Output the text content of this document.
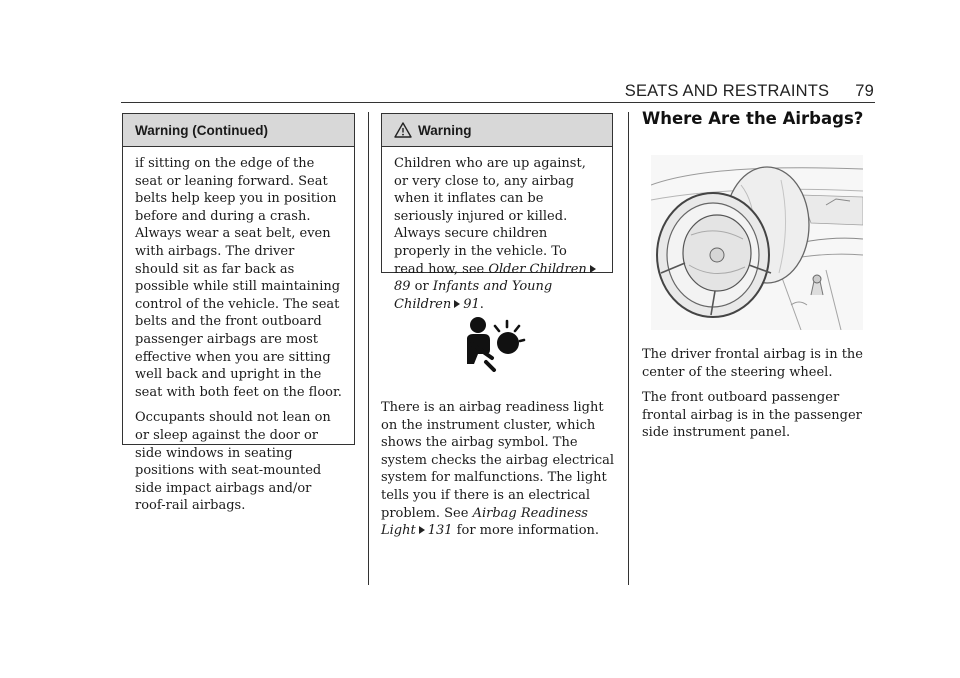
SEATS AND RESTRAINTS 79
Warning (Continued)

if sitting on the edge of the seat or leaning forward. Seat belts help keep you in position before and during a crash. Always wear a seat belt, even with airbags. The driver should sit as far back as possible while still maintaining control of the vehicle. The seat belts and the front outboard passenger airbags are most effective when you are sitting well back and upright in the seat with both feet on the floor.

Occupants should not lean on or sleep against the door or side windows in seating positions with seat-mounted side impact airbags and/or roof-rail airbags.

Warning

Children who are up against, or very close to, any airbag when it inflates can be seriously injured or killed. Always secure children properly in the vehicle. To read how, see Older Children89 or Infants and Young Children 91.

There is an airbag readiness light on the instrument cluster, which shows the airbag symbol. The system checks the airbag electrical system for malfunctions. The light tells you if there is an electrical problem. See Airbag Readiness Light 131 for more information.

Where Are the Airbags?

The driver frontal airbag is in the center of the steering wheel.

The front outboard passenger frontal airbag is in the passenger side instrument panel.
